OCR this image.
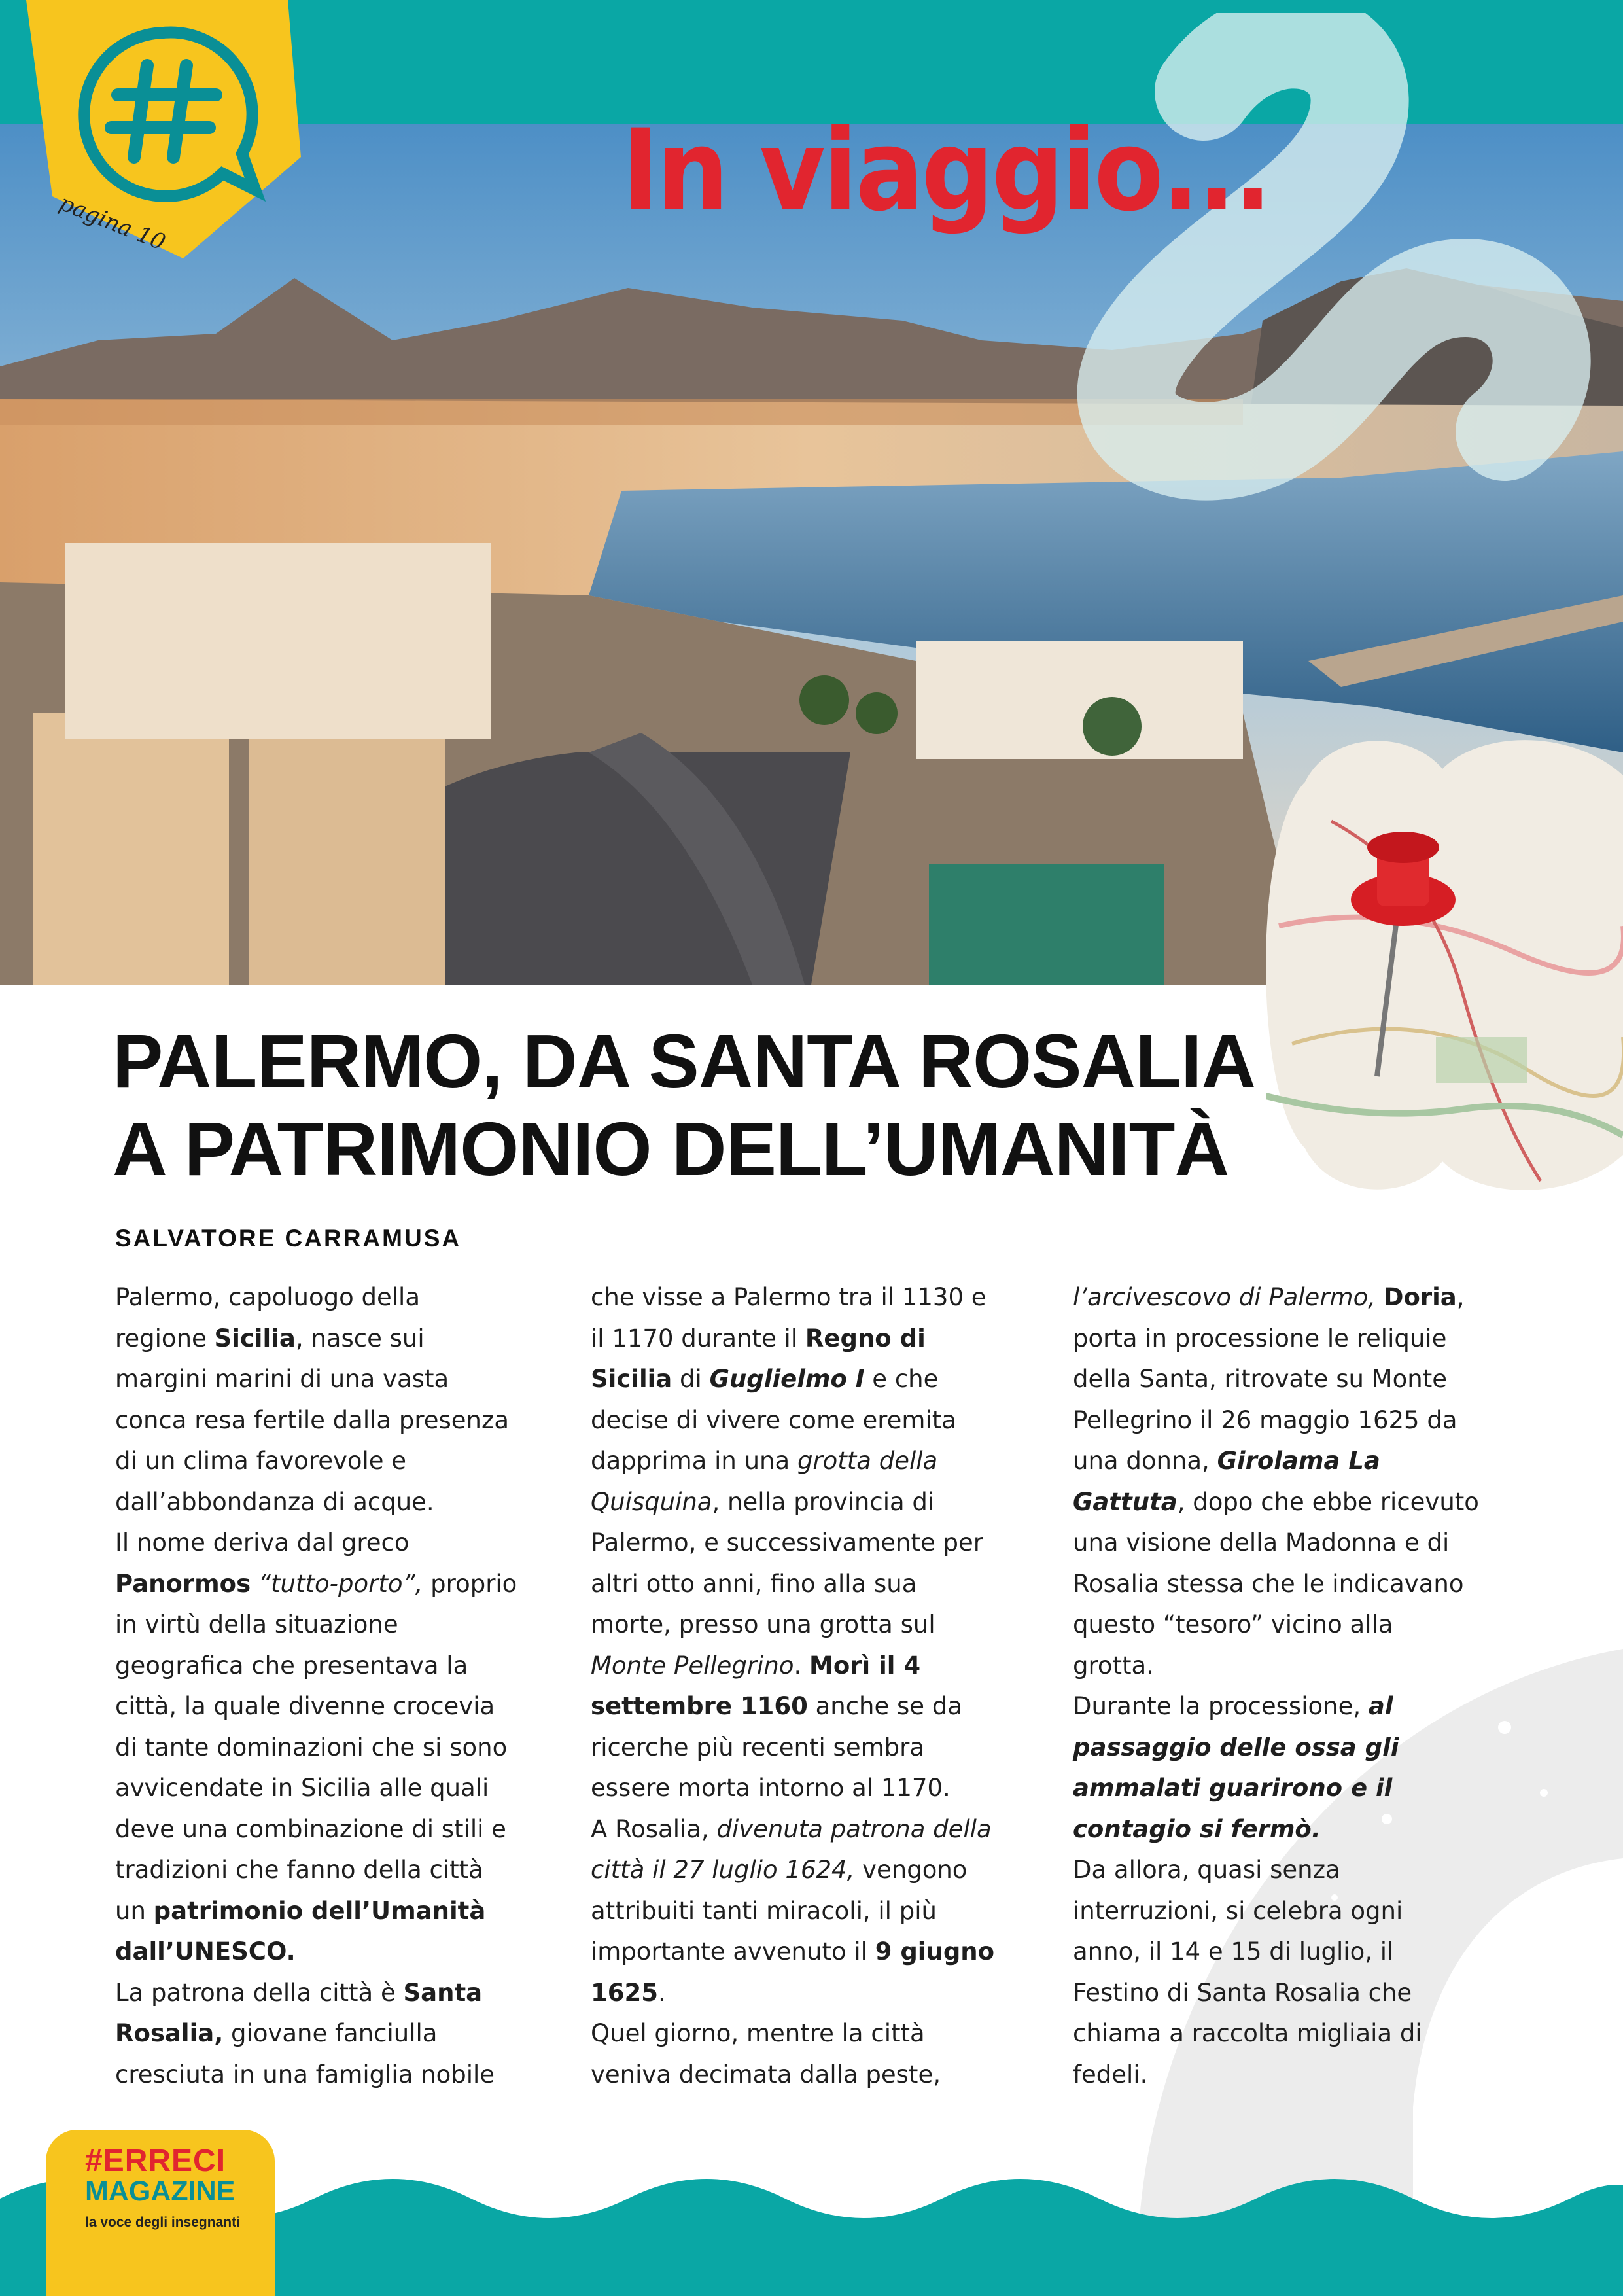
pagina 10	In viaggio...
PALERMO, DA SANTA ROSALIA
A PATRIMONIO DELL’UMANITÀ
SALVATORE CARRAMUSA
Palermo, capoluogo della
regione Sicilia, nasce sui
margini marini di una vasta
conca resa fertile dalla presenza
di un clima favorevole e
dall’abbondanza di acque.
Il nome deriva dal greco
Panormos “tutto-porto”, proprio
in virtù della situazione
geografica che presentava la
città, la quale divenne crocevia
di tante dominazioni che si sono
avvicendate in Sicilia alle quali
deve una combinazione di stili e
tradizioni che fanno della città
un patrimonio dell’Umanità
dall’UNESCO.
La patrona della città è Santa
Rosalia, giovane fanciulla
cresciuta in una famiglia nobile
che visse a Palermo tra il 1130 e
il 1170 durante il Regno di
Sicilia di Guglielmo I e che
decise di vivere come eremita
dapprima in una grotta della
Quisquina, nella provincia di
Palermo, e successivamente per
altri otto anni, fino alla sua
morte, presso una grotta sul
Monte Pellegrino. Morì il 4
settembre 1160 anche se da
ricerche più recenti sembra
essere morta intorno al 1170.
A Rosalia, divenuta patrona della
città il 27 luglio 1624, vengono
attribuiti tanti miracoli, il più
importante avvenuto il 9 giugno
1625.
Quel giorno, mentre la città
veniva decimata dalla peste,
l’arcivescovo di Palermo, Doria,
porta in processione le reliquie
della Santa, ritrovate su Monte
Pellegrino il 26 maggio 1625 da
una donna, Girolama La
Gattuta, dopo che ebbe ricevuto
una visione della Madonna e di
Rosalia stessa che le indicavano
questo “tesoro” vicino alla
grotta.
Durante la processione, al
passaggio delle ossa gli
ammalati guarirono e il
contagio si fermò.
Da allora, quasi senza
interruzioni, si celebra ogni
anno, il 14 e 15 di luglio, il
Festino di Santa Rosalia che
chiama a raccolta migliaia di
fedeli.
#ERRECI
MAGAZINE
la voce degli insegnanti
